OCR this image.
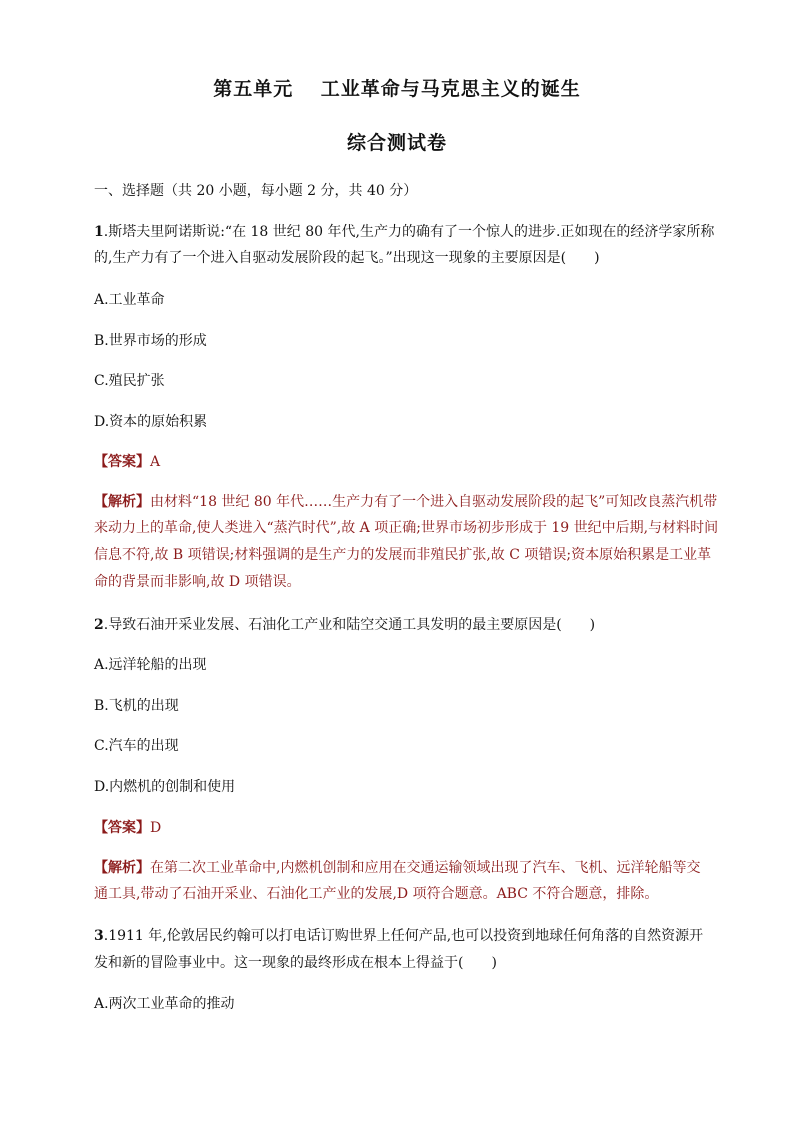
第五单元　 工业革命与马克思主义的诞生
综合测试卷
一、选择题（共 20 小题，每小题 2 分，共 40 分）
1.斯塔夫里阿诺斯说:“在 18 世纪 80 年代,生产力的确有了一个惊人的进步.正如现在的经济学家所称
的,生产力有了一个进入自驱动发展阶段的起飞。”出现这一现象的主要原因是(　　)
A.工业革命
B.世界市场的形成
C.殖民扩张
D.资本的原始积累
【答案】A
【解析】由材料“18 世纪 80 年代……生产力有了一个进入自驱动发展阶段的起飞”可知改良蒸汽机带
来动力上的革命,使人类进入“蒸汽时代”,故 A 项正确;世界市场初步形成于 19 世纪中后期,与材料时间
信息不符,故 B 项错误;材料强调的是生产力的发展而非殖民扩张,故 C 项错误;资本原始积累是工业革
命的背景而非影响,故 D 项错误。
2.导致石油开采业发展、石油化工产业和陆空交通工具发明的最主要原因是(　　)
A.远洋轮船的出现
B.飞机的出现
C.汽车的出现
D.内燃机的创制和使用
【答案】D
【解析】在第二次工业革命中,内燃机创制和应用在交通运输领域出现了汽车、飞机、远洋轮船等交
通工具,带动了石油开采业、石油化工产业的发展,D 项符合题意。ABC 不符合题意，排除。
3.1911 年,伦敦居民约翰可以打电话订购世界上任何产品,也可以投资到地球任何角落的自然资源开
发和新的冒险事业中。这一现象的最终形成在根本上得益于(　　)
A.两次工业革命的推动
